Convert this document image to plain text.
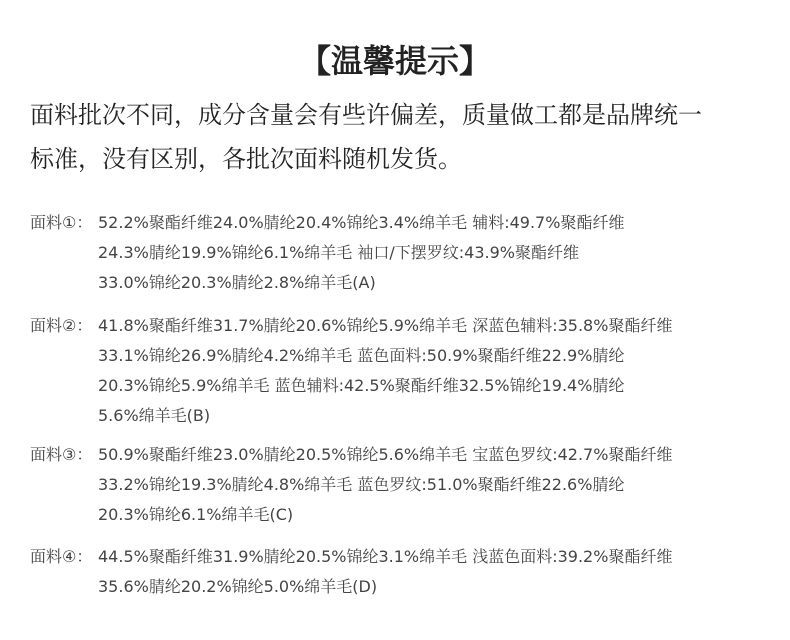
【温馨提示】
面料批次不同，成分含量会有些许偏差，质量做工都是品牌统一
标准，没有区别，各批次面料随机发货。
面料①： 52.2%聚酯纤维24.0%腈纶20.4%锦纶3.4%绵羊毛 辅料:49.7%聚酯纤维
24.3%腈纶19.9%锦纶6.1%绵羊毛 袖口/下摆罗纹:43.9%聚酯纤维
33.0%锦纶20.3%腈纶2.8%绵羊毛(A)
面料②： 41.8%聚酯纤维31.7%腈纶20.6%锦纶5.9%绵羊毛 深蓝色辅料:35.8%聚酯纤维
33.1%锦纶26.9%腈纶4.2%绵羊毛 蓝色面料:50.9%聚酯纤维22.9%腈纶
20.3%锦纶5.9%绵羊毛 蓝色辅料:42.5%聚酯纤维32.5%锦纶19.4%腈纶
5.6%绵羊毛(B)
面料③： 50.9%聚酯纤维23.0%腈纶20.5%锦纶5.6%绵羊毛 宝蓝色罗纹:42.7%聚酯纤维
33.2%锦纶19.3%腈纶4.8%绵羊毛 蓝色罗纹:51.0%聚酯纤维22.6%腈纶
20.3%锦纶6.1%绵羊毛(C)
面料④： 44.5%聚酯纤维31.9%腈纶20.5%锦纶3.1%绵羊毛 浅蓝色面料:39.2%聚酯纤维
35.6%腈纶20.2%锦纶5.0%绵羊毛(D)
